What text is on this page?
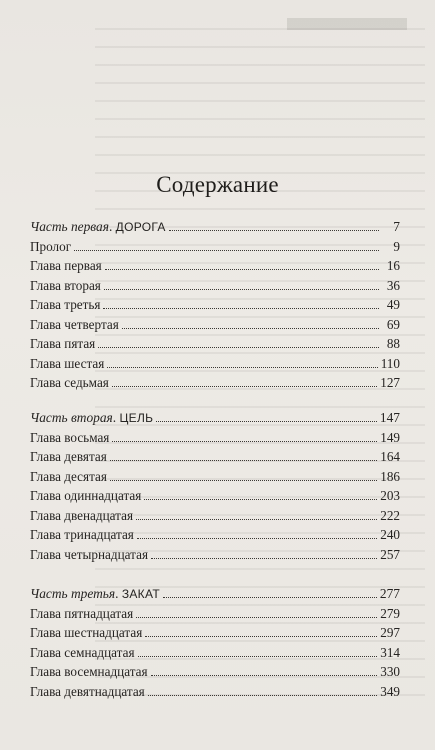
Содержание
Часть первая. ДОРОГА	7
Пролог	9
Глава первая	16
Глава вторая	36
Глава третья	49
Глава четвертая	69
Глава пятая	88
Глава шестая	110
Глава седьмая	127
Часть вторая. ЦЕЛЬ	147
Глава восьмая	149
Глава девятая	164
Глава десятая	186
Глава одиннадцатая	203
Глава двенадцатая	222
Глава тринадцатая	240
Глава четырнадцатая	257
Часть третья. ЗАКАТ	277
Глава пятнадцатая	279
Глава шестнадцатая	297
Глава семнадцатая	314
Глава восемнадцатая	330
Глава девятнадцатая	349
